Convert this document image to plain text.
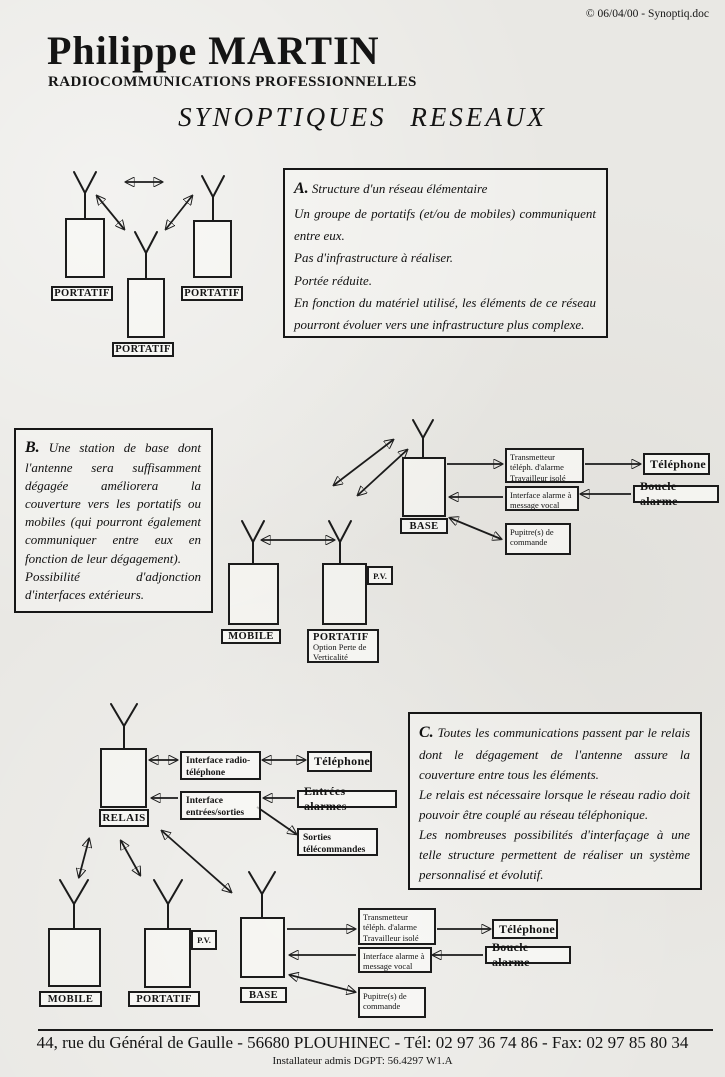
© 06/04/00 - Synoptiq.doc
Philippe MARTIN
RADIOCOMMUNICATIONS PROFESSIONNELLES
SYNOPTIQUES RESEAUX
PORTATIF
PORTATIF
PORTATIF
A. Structure d'un réseau élémentaire
Un groupe de portatifs (et/ou de mobiles) communiquent entre eux.
Pas d'infrastructure à réaliser.
Portée réduite.
En fonction du matériel utilisé, les éléments de ce réseau pourront évoluer vers une infrastructure plus complexe.
B. Une station de base dont l'antenne sera suffisamment dégagée améliorera la couverture vers les portatifs ou mobiles (qui pourront également communiquer entre eux en fonction de leur dégagement).
Possibilité d'adjonction d'interfaces extérieurs.
BASE
MOBILE
P.V.
PORTATIF
Option Perte de Verticalité
Transmetteur téléph. d'alarme Travailleur isolé
Téléphone
Interface alarme à message vocal
Boucle alarme
Pupitre(s) de commande
C. Toutes les communications passent par le relais dont le dégagement de l'antenne assure la couverture entre tous les éléments.
Le relais est nécessaire lorsque le réseau radio doit pouvoir être couplé au réseau téléphonique.
Les nombreuses possibilités d'interfaçage à une telle structure permettent de réaliser un système personnalisé et évolutif.
RELAIS
Interface radio-téléphone
Téléphone
Interface entrées/sorties
Entrées alarmes
Sorties télécommandes
MOBILE
P.V.
PORTATIF	BASE
Transmetteur téléph. d'alarme Travailleur isolé
Téléphone
Interface alarme à message vocal
Boucle alarme
Pupitre(s) de commande
44, rue du Général de Gaulle - 56680 PLOUHINEC - Tél: 02 97 36 74 86 - Fax: 02 97 85 80 34
Installateur admis DGPT: 56.4297 W1.A
